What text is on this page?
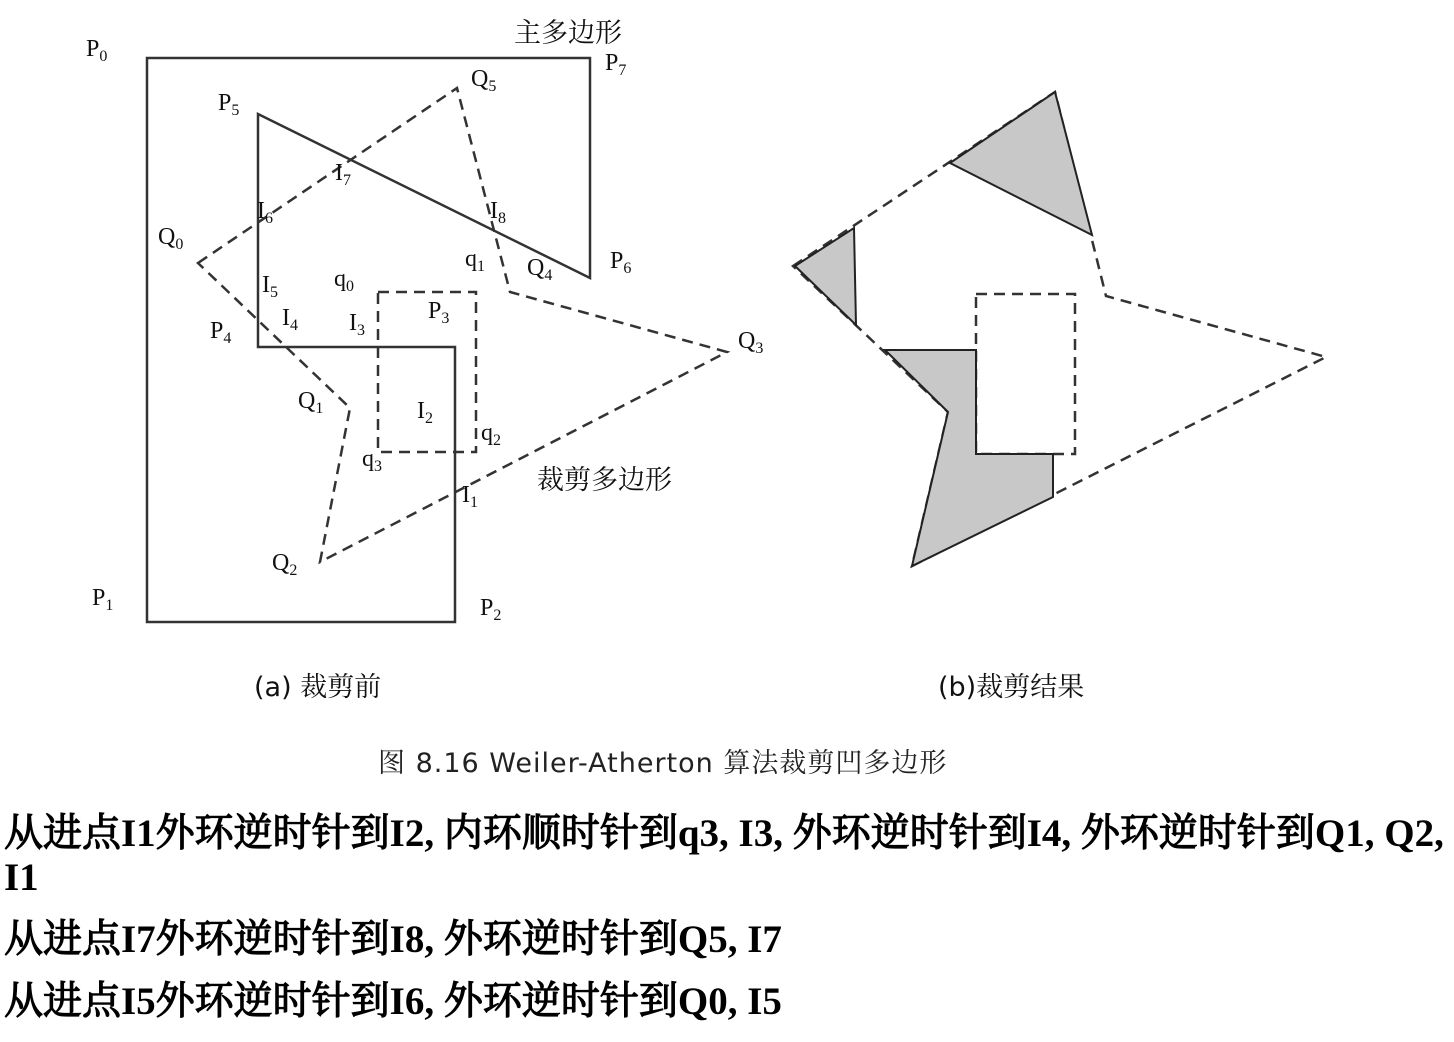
$P_0$
$P_1$	$P_2$
$P_3$
$P_4$
$P_5$
$P_6$
$P_7$
$Q_0$
$Q_1$
$Q_2$
$Q_3$
$Q_4$
$Q_5$
$q_0$
$q_1$
$q_2$
$q_3$
$I_1$
$I_2$
$I_3$
$I_4$
$I_5$
$I_6$
$I_7$
$I_8$
主多边形
裁剪多边形
(a) 裁剪前	(b)裁剪结果
图 8.16 Weiler-Atherton 算法裁剪凹多边形

从进点I1外环逆时针到I2, 内环顺时针到q3, I3, 外环逆时针到I4, 外环逆时针到Q1, Q2, I1

从进点I7外环逆时针到I8, 外环逆时针到Q5, I7

从进点I5外环逆时针到I6, 外环逆时针到Q0, I5
